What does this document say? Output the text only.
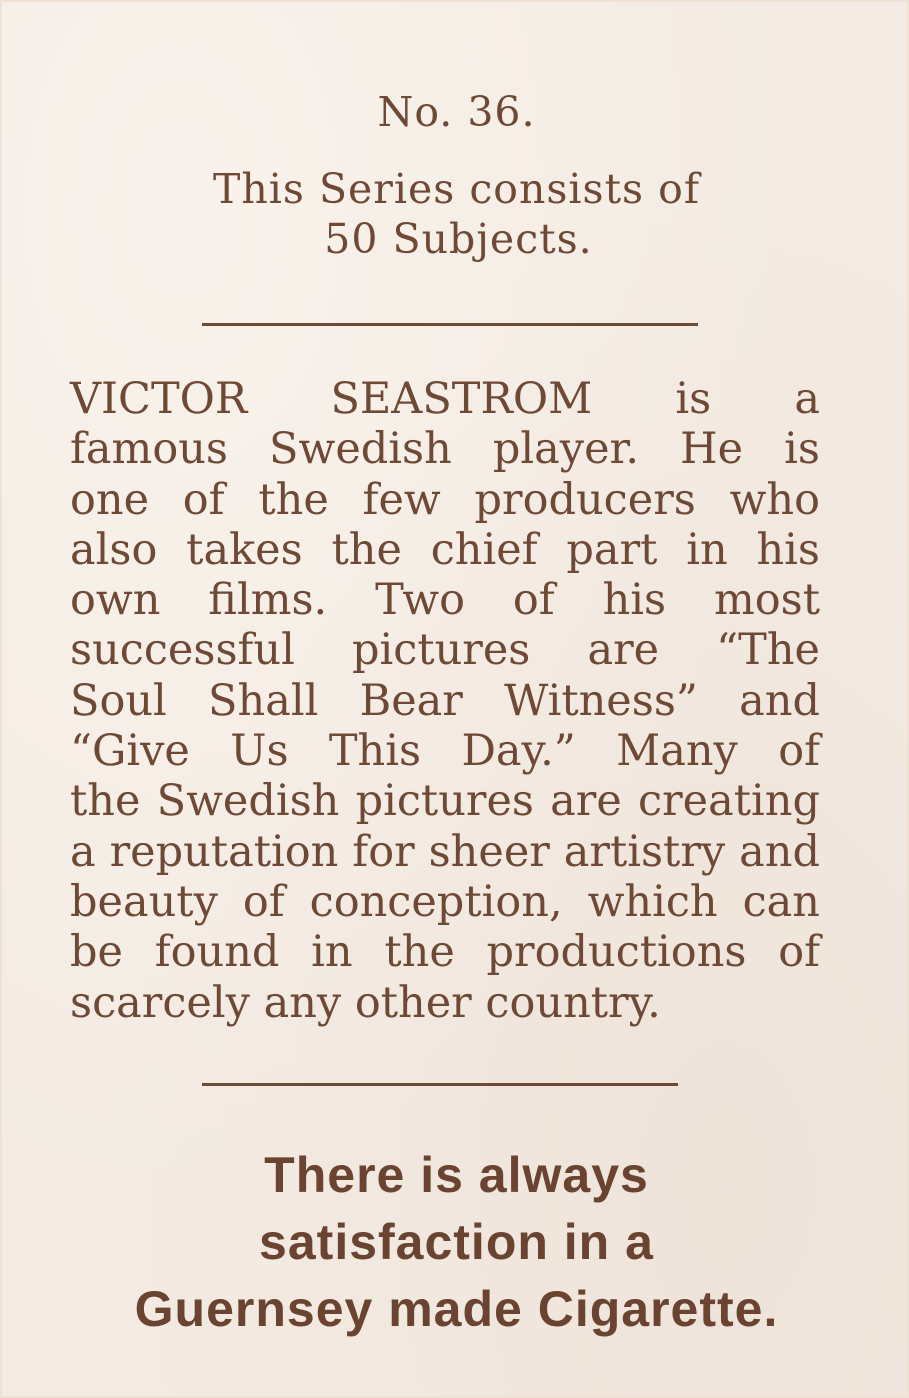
No. 36.
This Series consists of
50 Subjects.
VICTOR SEASTROM is a
famous Swedish player. He is
one of the few producers who
also takes the chief part in his
own films. Two of his most
successful pictures are “The
Soul Shall Bear Witness” and
“Give Us This Day.” Many of
the Swedish pictures are creating
a reputation for sheer artistry and
beauty of conception, which can
be found in the productions of
scarcely any other country.
There is always
satisfaction in a
Guernsey made Cigarette.
